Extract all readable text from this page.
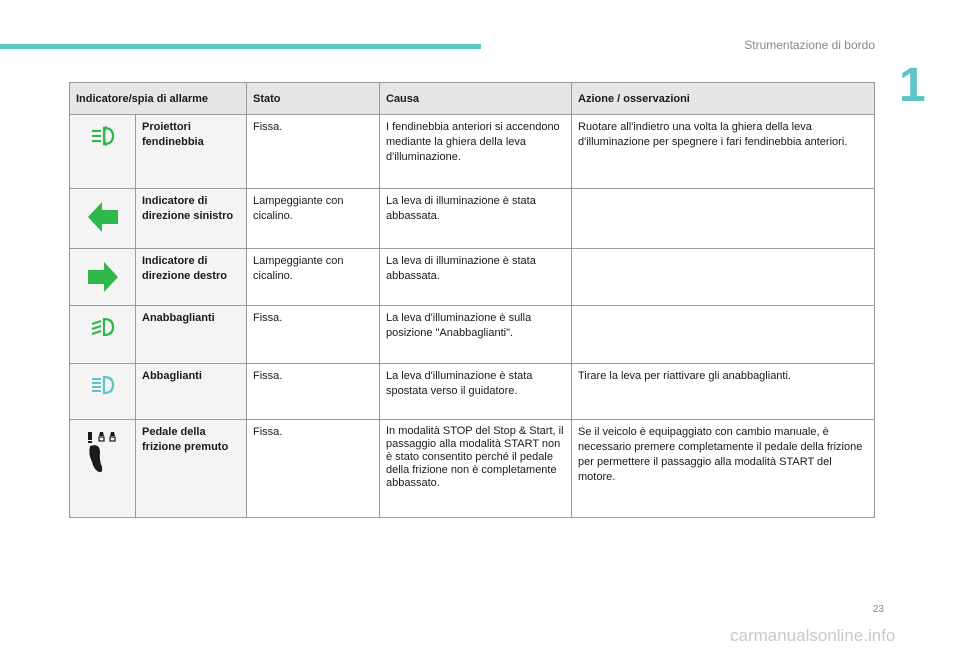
Strumentazione di bordo
1
Indicatore/spia di allarme		Stato	Causa	Azione / osservazioni

	Proiettori fendinebbia	Fissa.	I fendinebbia anteriori si accendono mediante la ghiera della leva d'illuminazione.	Ruotare all'indietro una volta la ghiera della leva d'illuminazione per spegnere i fari fendinebbia anteriori.

	Indicatore di direzione sinistro	Lampeggiante con cicalino.	La leva di illuminazione è stata abbassata.	

	Indicatore di direzione destro	Lampeggiante con cicalino.	La leva di illuminazione è stata abbassata.	

	Anabbaglianti	Fissa.	La leva d'illuminazione è sulla posizione "Anabbaglianti".	

	Abbaglianti	Fissa.	La leva d'illuminazione è stata spostata verso il guidatore.	Tirare la leva per riattivare gli anabbaglianti.

	Pedale della frizione premuto	Fissa.	In modalità STOP del Stop & Start, il passaggio alla modalità START non è stato consentito perché il pedale della frizione non è completamente abbassato.	Se il veicolo è equipaggiato con cambio manuale, è necessario premere completamente il pedale della frizione per permettere il passaggio alla modalità START del motore.
23
carmanualsonline.info
